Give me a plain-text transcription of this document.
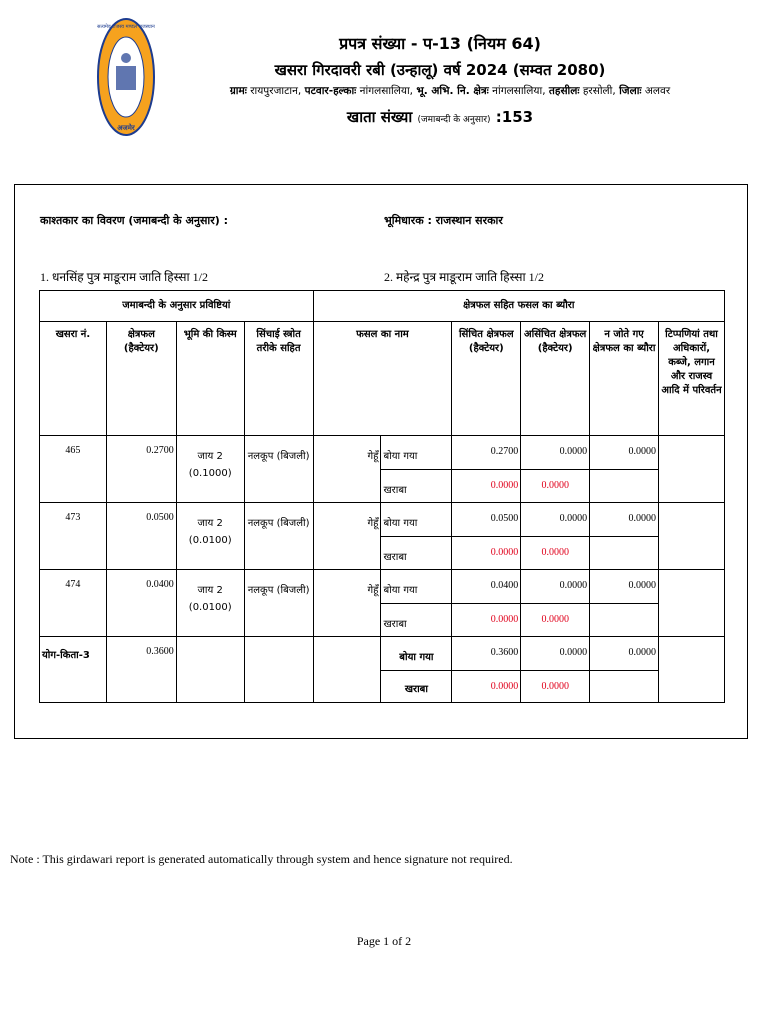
सत्यमेव राजस्व मण्डल राजस्थान
अजमेर
प्रपत्र संख्या - प-13 (नियम 64)
खसरा गिरदावरी रबी (उन्हालू) वर्ष 2024 (सम्वत 2080)
ग्रामः रायपुरजाटान, पटवार-हल्काः नांगलसालिया, भू. अभि. नि. क्षेत्रः नांगलसालिया, तहसीलः हरसोली, जिलाः अलवर
खाता संख्या (जमाबन्दी के अनुसार) :153
काश्तकार का विवरण (जमाबन्दी के अनुसार) :	भूमिधारक : राजस्थान सरकार
1. धनसिंह पुत्र माङूराम जाति हिस्सा 1/2	2. महेन्द्र पुत्र माङूराम जाति हिस्सा 1/2
जमाबन्दी के अनुसार प्रविष्टियां				क्षेत्रफल सहित फसल का ब्यौरा					
खसरा नं.	क्षेत्रफल (हैक्टेयर)	भूमि की किस्म	सिंचाई स्त्रोत तरीके सहित	फसल का नाम		सिंचित क्षेत्रफल (हैक्टेयर)	असिंचित क्षेत्रफल (हैक्टेयर)	न जोते गए क्षेत्रफल का ब्यौरा	टिप्पणियां तथा अधिकारों, कब्जे, लगान और राजस्व आदि में परिवर्तन
465	0.2700	जाय 2
(0.1000)	नलकूप (बिजली)	गेहूँ	बोया गया	0.2700	0.0000	0.0000	
					खराबा	0.0000	0.0000		
473	0.0500	जाय 2
(0.0100)	नलकूप (बिजली)	गेहूँ	बोया गया	0.0500	0.0000	0.0000	
					खराबा	0.0000	0.0000		
474	0.0400	जाय 2
(0.0100)	नलकूप (बिजली)	गेहूँ	बोया गया	0.0400	0.0000	0.0000	
					खराबा	0.0000	0.0000		
योग-किता-3	0.3600				बोया गया	0.3600	0.0000	0.0000	
					खराबा	0.0000	0.0000		
Note : This girdawari report is generated automatically through system and hence signature not required.
Page 1 of 2
